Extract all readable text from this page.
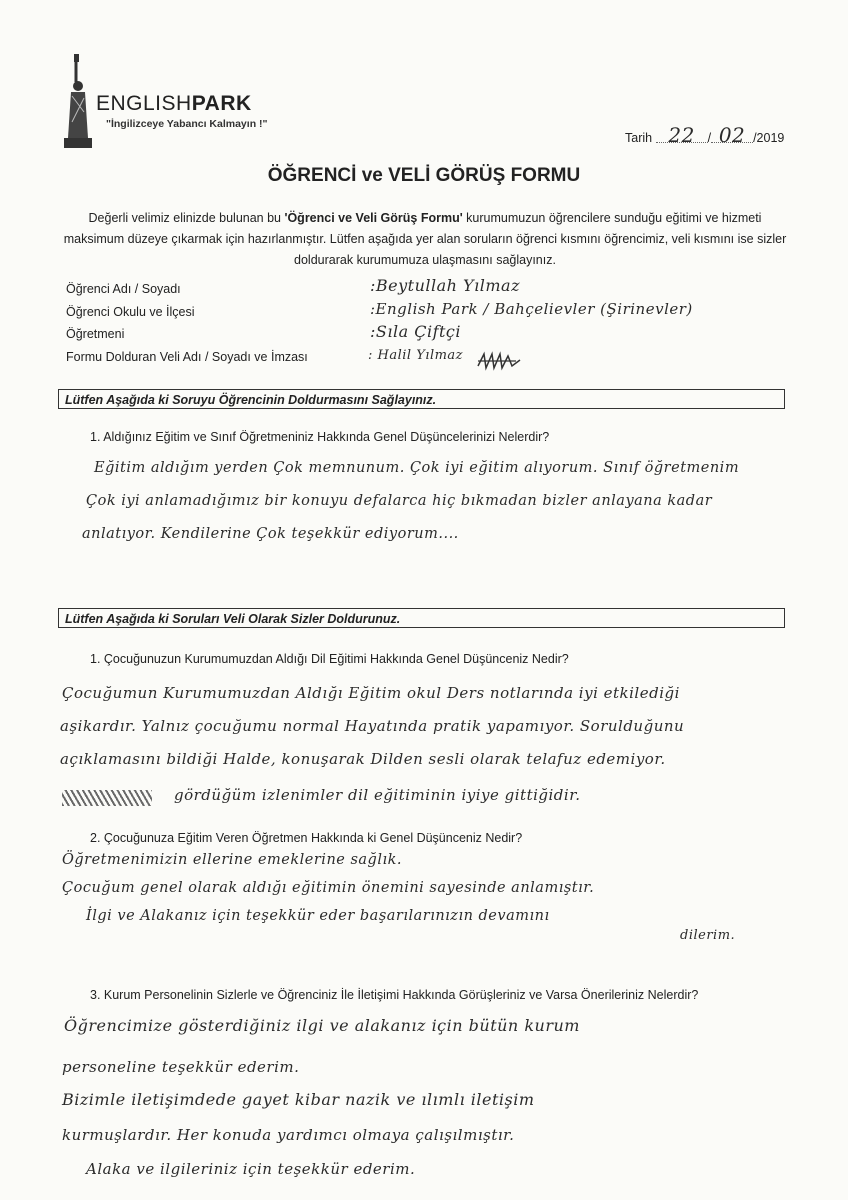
ENGLISHPARK
"İngilizceye Yabancı Kalmayın !"
Tarih 22 / 02 /2019
ÖĞRENCİ ve VELİ GÖRÜŞ FORMU
Değerli velimiz elinizde bulunan bu 'Öğrenci ve Veli Görüş Formu' kurumumuzun öğrencilere sunduğu eğitimi ve hizmeti maksimum düzeye çıkarmak için hazırlanmıştır. Lütfen aşağıda yer alan soruların öğrenci kısmını öğrencimiz, veli kısmını ise sizler doldurarak kurumumuza ulaşmasını sağlayınız.
Öğrenci Adı / Soyadı
Öğrenci Okulu ve İlçesi
Öğretmeni
Formu Dolduran Veli Adı / Soyadı ve İmzası
:Beytullah Yılmaz
:English Park / Bahçelievler (Şirinevler)
:Sıla Çiftçi
: Halil Yılmaz
Lütfen Aşağıda ki Soruyu Öğrencinin Doldurmasını Sağlayınız.
1. Aldığınız Eğitim ve Sınıf Öğretmeniniz Hakkında Genel Düşüncelerinizi Nelerdir?
Eğitim aldığım yerden Çok memnunum. Çok iyi eğitim alıyorum. Sınıf öğretmenim
Çok iyi anlamadığımız bir konuyu defalarca hiç bıkmadan bizler anlayana kadar
anlatıyor. Kendilerine Çok teşekkür ediyorum....
Lütfen Aşağıda ki Soruları Veli Olarak Sizler Doldurunuz.
1. Çocuğunuzun Kurumumuzdan Aldığı Dil Eğitimi Hakkında Genel Düşünceniz Nedir?
Çocuğumun Kurumumuzdan Aldığı Eğitim okul Ders notlarında iyi etkilediği
aşikardır. Yalnız çocuğumu normal Hayatında pratik yapamıyor. Sorulduğunu
açıklamasını bildiği Halde, konuşarak Dilden sesli olarak telafuz edemiyor.
gördüğüm izlenimler dil eğitiminin iyiye gittiğidir.
2. Çocuğunuza Eğitim Veren Öğretmen Hakkında ki Genel Düşünceniz Nedir?
Öğretmenimizin ellerine emeklerine sağlık.
Çocuğum genel olarak aldığı eğitimin önemini sayesinde anlamıştır.
İlgi ve Alakanız için teşekkür eder başarılarınızın devamını
dilerim.
3. Kurum Personelinin Sizlerle ve Öğrenciniz İle İletişimi Hakkında Görüşleriniz ve Varsa Önerileriniz Nelerdir?
Öğrencimize gösterdiğiniz ilgi ve alakanız için bütün kurum
personeline teşekkür ederim.
Bizimle iletişimdede gayet kibar nazik ve ılımlı iletişim
kurmuşlardır. Her konuda yardımcı olmaya çalışılmıştır.
Alaka ve ilgileriniz için teşekkür ederim.
